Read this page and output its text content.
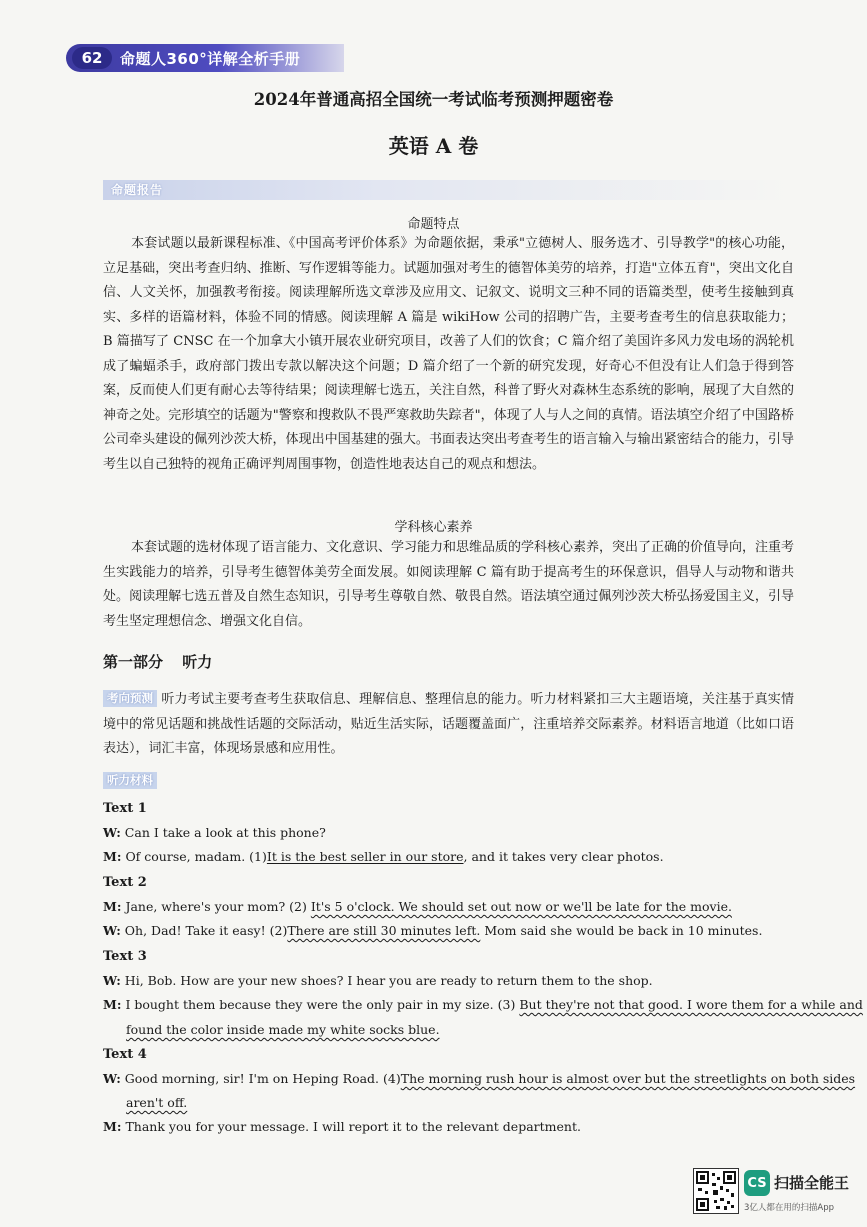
62	命题人360°详解全析手册
2024年普通高招全国统一考试临考预测押题密卷
英语 A 卷
命题报告
命题特点

本套试题以最新课程标准、《中国高考评价体系》为命题依据，秉承"立德树人、服务选才、引导教学"的核心功能，立足基础，突出考查归纳、推断、写作逻辑等能力。试题加强对考生的德智体美劳的培养，打造"立体五育"，突出文化自信、人文关怀，加强教考衔接。阅读理解所选文章涉及应用文、记叙文、说明文三种不同的语篇类型，使考生接触到真实、多样的语篇材料，体验不同的情感。阅读理解 A 篇是 wikiHow 公司的招聘广告，主要考查考生的信息获取能力；B 篇描写了 CNSC 在一个加拿大小镇开展农业研究项目，改善了人们的饮食；C 篇介绍了美国许多风力发电场的涡轮机成了蝙蝠杀手，政府部门拨出专款以解决这个问题；D 篇介绍了一个新的研究发现，好奇心不但没有让人们急于得到答案，反而使人们更有耐心去等待结果；阅读理解七选五，关注自然，科普了野火对森林生态系统的影响，展现了大自然的神奇之处。完形填空的话题为"警察和搜救队不畏严寒救助失踪者"，体现了人与人之间的真情。语法填空介绍了中国路桥公司牵头建设的佩列沙茨大桥，体现出中国基建的强大。书面表达突出考查考生的语言输入与输出紧密结合的能力，引导考生以自己独特的视角正确评判周围事物，创造性地表达自己的观点和想法。

学科核心素养

本套试题的选材体现了语言能力、文化意识、学习能力和思维品质的学科核心素养，突出了正确的价值导向，注重考生实践能力的培养，引导考生德智体美劳全面发展。如阅读理解 C 篇有助于提高考生的环保意识，倡导人与动物和谐共处。阅读理解七选五普及自然生态知识，引导考生尊敬自然、敬畏自然。语法填空通过佩列沙茨大桥弘扬爱国主义，引导考生坚定理想信念、增强文化自信。

第一部分 听力

考向预测 听力考试主要考查考生获取信息、理解信息、整理信息的能力。听力材料紧扣三大主题语境，关注基于真实情境中的常见话题和挑战性话题的交际活动，贴近生活实际，话题覆盖面广，注重培养交际素养。材料语言地道（比如口语表达），词汇丰富，体现场景感和应用性。

听力材料
Text 1
W: Can I take a look at this phone?
M: Of course, madam. (1)It is the best seller in our store, and it takes very clear photos.
Text 2
M: Jane, where's your mom? (2) It's 5 o'clock. We should set out now or we'll be late for the movie.
W: Oh, Dad! Take it easy! (2)There are still 30 minutes left. Mom said she would be back in 10 minutes.
Text 3
W: Hi, Bob. How are your new shoes? I hear you are ready to return them to the shop.
M: I bought them because they were the only pair in my size. (3) But they're not that good. I wore them for a while and
found the color inside made my white socks blue.
Text 4
W: Good morning, sir! I'm on Heping Road. (4)The morning rush hour is almost over but the streetlights on both sides
aren't off.
M: Thank you for your message. I will report it to the relevant department.
CS 扫描全能王
3亿人都在用的扫描App
